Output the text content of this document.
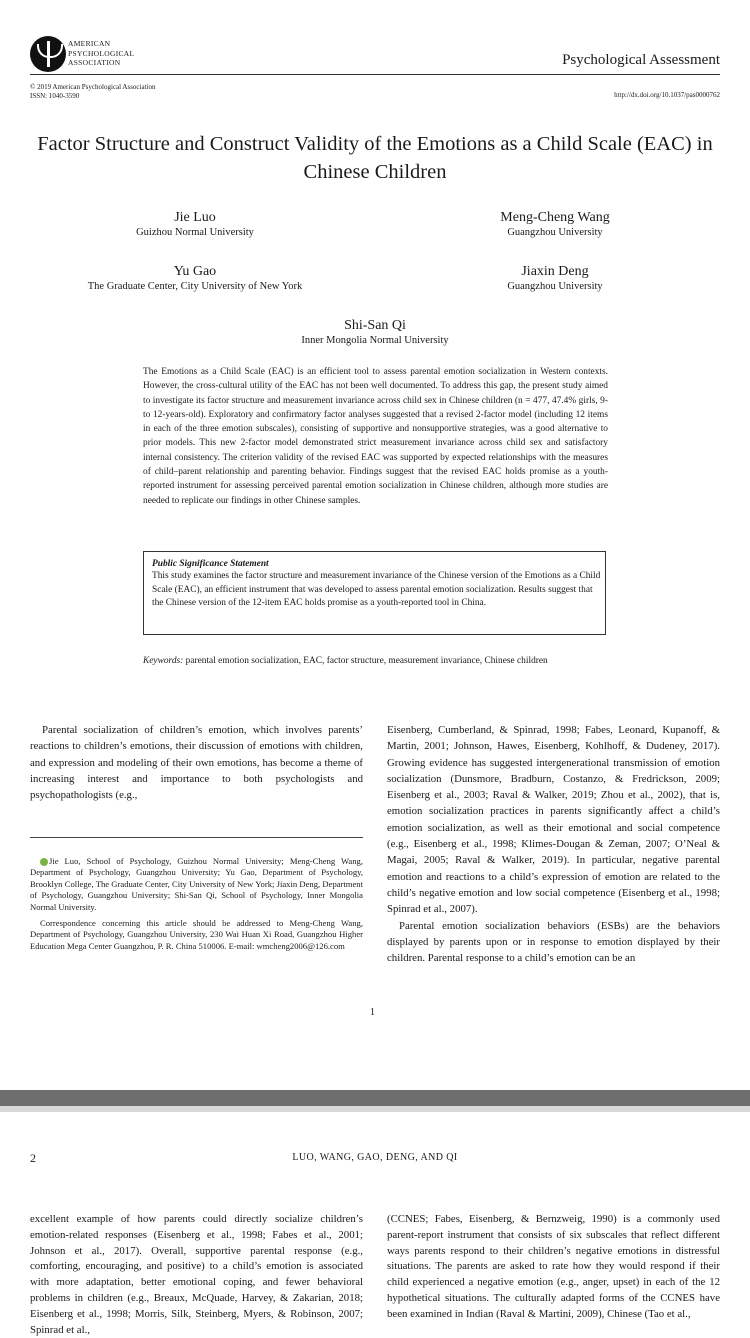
AMERICAN
PSYCHOLOGICAL
ASSOCIATION	Psychological Assessment
© 2019 American Psychological Association
ISSN: 1040-3590	http://dx.doi.org/10.1037/pas0000762
Factor Structure and Construct Validity of the Emotions as a Child Scale (EAC) in Chinese Children
Jie Luo
Guizhou Normal University
Meng-Cheng Wang
Guangzhou University
Yu Gao
The Graduate Center, City University of New York
Jiaxin Deng
Guangzhou University
Shi-San Qi
Inner Mongolia Normal University
The Emotions as a Child Scale (EAC) is an efficient tool to assess parental emotion socialization in Western contexts. However, the cross-cultural utility of the EAC has not been well documented. To address this gap, the present study aimed to investigate its factor structure and measurement invariance across child sex in Chinese children (n = 477, 47.4% girls, 9- to 12-years-old). Exploratory and confirmatory factor analyses suggested that a revised 2-factor model (including 12 items in each of the three emotion subscales), consisting of supportive and nonsupportive strategies, was a good alternative to prior models. This new 2-factor model demonstrated strict measurement invariance across child sex and satisfactory internal consistency. The criterion validity of the revised EAC was supported by expected relationships with the measures of child–parent relationship and parenting behavior. Findings suggest that the revised EAC holds promise as a youth-reported instrument for assessing perceived parental emotion socialization in Chinese children, although more studies are needed to replicate our findings in other Chinese samples.
Public Significance Statement
This study examines the factor structure and measurement invariance of the Chinese version of the Emotions as a Child Scale (EAC), an efficient instrument that was developed to assess parental emotion socialization. Results suggest that the Chinese version of the 12-item EAC holds promise as a youth-reported tool in China.
Keywords: parental emotion socialization, EAC, factor structure, measurement invariance, Chinese children
Parental socialization of children’s emotion, which involves parents’ reactions to children’s emotions, their discussion of emotions with children, and expression and modeling of their own emotions, has become a theme of increasing interest and importance to both psychologists and psychopathologists (e.g.,

Jie Luo, School of Psychology, Guizhou Normal University; Meng-Cheng Wang, Department of Psychology, Guangzhou University; Yu Gao, Department of Psychology, Brooklyn College, The Graduate Center, City University of New York; Jiaxin Deng, Department of Psychology, Guangzhou University; Shi-San Qi, School of Psychology, Inner Mongolia Normal University.

Correspondence concerning this article should be addressed to Meng-Cheng Wang, Department of Psychology, Guangzhou University, 230 Wai Huan Xi Road, Guangzhou Higher Education Mega Center Guangzhou, P. R. China 510006. E-mail: wmcheng2006@126.com

Eisenberg, Cumberland, & Spinrad, 1998; Fabes, Leonard, Kupanoff, & Martin, 2001; Johnson, Hawes, Eisenberg, Kohlhoff, & Dudeney, 2017). Growing evidence has suggested intergenerational transmission of emotion socialization (Dunsmore, Bradburn, Costanzo, & Fredrickson, 2009; Eisenberg et al., 2003; Raval & Walker, 2019; Zhou et al., 2002), that is, emotion socialization practices in parents significantly affect a child’s emotion socialization, as well as their emotional and social competence (e.g., Eisenberg et al., 1998; Klimes-Dougan & Zeman, 2007; O’Neal & Magai, 2005; Raval & Walker, 2019). In particular, negative parental emotion and reactions to a child’s expression of emotion are related to the child’s negative emotion and low social competence (Eisenberg et al., 1998; Spinrad et al., 2007).
Parental emotion socialization behaviors (ESBs) are the behaviors displayed by parents upon or in response to emotion displayed by their children. Parental response to a child’s emotion can be an
1
2	LUO, WANG, GAO, DENG, AND QI
excellent example of how parents could directly socialize children’s emotion-related responses (Eisenberg et al., 1998; Fabes et al., 2001; Johnson et al., 2017). Overall, supportive parental response (e.g., comforting, encouraging, and positive) to a child’s emotion is associated with more adaptation, better emotional coping, and fewer behavioral problems in children (e.g., Breaux, McQuade, Harvey, & Zakarian, 2018; Eisenberg et al., 1998; Morris, Silk, Steinberg, Myers, & Robinson, 2007; Spinrad et al.,
(CCNES; Fabes, Eisenberg, & Bernzweig, 1990) is a commonly used parent-report instrument that consists of six subscales that reflect different ways parents respond to their children’s negative emotions in distressful situations. The parents are asked to rate how they would respond if their child experienced a negative emotion (e.g., anger, upset) in each of the 12 hypothetical situations. The culturally adapted forms of the CCNES have been examined in Indian (Raval & Martini, 2009), Chinese (Tao et al.,
